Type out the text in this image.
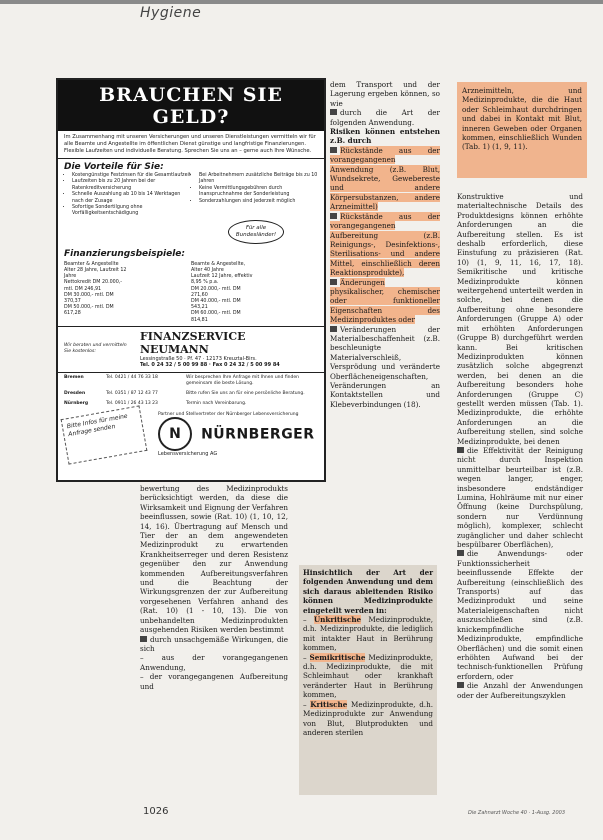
Hygiene
BRAUCHEN SIE GELD?
Im Zusammenhang mit unseren Versicherungen und unseren Dienstleistungen vermitteln wir für alle Beamte und Angestellte im öffentlichen Dienst günstige und langfristige Finanzierungen. Flexible Laufzeiten und individuelle Beratung. Sprechen Sie uns an – gerne auch Ihre Wünsche.
Die Vorteile für Sie:
• Kostengünstige Festzinsen für die Gesamtlaufzeit
• Laufzeiten bis zu 20 Jahren bei der Ratenkreditversicherung
• Schnelle Auszahlung ab 10 bis 14 Werktagen nach der Zusage
• Sofortige Sondertilgung ohne Vorfälligkeitsentschädigung
• Bei Arbeitnehmern zusätzliche Beiträge bis zu 10 Jahren
• Keine Vermittlungsgebühren durch Inanspruchnahme der Sonderleistung
• Sonderzahlungen sind jederzeit möglich
Für alle Bundesländer!
Finanzierungsbeispiele:
Beamter & Angestellte
Alter 28 Jahre, Laufzeit 12 Jahre
Nettokredit DM 20.000,- mtl. DM 246,91
DM 30.000,- mtl. DM 370,37
DM 50.000,- mtl. DM 617,28
Beamte & Angestellte, Alter 40 Jahre
Laufzeit 12 Jahre, effektiv 8,95 % p.a.
DM 20.000,- mtl. DM 271,60
DM 40.000,- mtl. DM 543,21
DM 60.000,- mtl. DM 814,81
Wir beraten und vermitteln Sie kostenlos:
FINANZSERVICE NEUMANN
Lessingstraße 50 · Pf. 47 · 12173 Kreuztal-Birs.
Tel. 0 24 32 / 5 00 99 88 · Fax 0 24 32 / 5 00 99 84
Bremen	Tel. 0421 / 44 76 33 18	Wir besprechen Ihre Anfrage mit Ihnen und finden gemeinsam die beste Lösung.
Dresden	Tel. 0351 / 87 12 43 77	Bitte rufen Sie uns an für eine persönliche Beratung.
Nürnberg	Tel. 0911 / 26 43 13 23	Termin nach Vereinbarung.
Bitte Infos für meine Anfrage senden
Partner und Stellvertreter der Nürnberger Lebensversicherung
N NÜRNBERGER
Lebensversicherung AG

dem Transport und der Lagerung ergeben können, so wie

durch die Art der folgenden Anwendung.

Risiken können entstehen z.B. durch

Rückstände aus der vorangegangenen Anwendung (z.B. Blut, Wundsekrete, Gewebereste und andere Körpersubstanzen, andere Arzneimittel)

Rückstände aus der vorangegangenen Aufbereitung (z.B. Reinigungs-, Desinfektions-, Sterilisations- und andere Mittel, einschließlich deren Reaktionsprodukte),

Änderungen physikalischer, chemischer oder funktioneller Eigenschaften des Medizinproduktes oder

Veränderungen der Materialbeschaffenheit (z.B. beschleunigte Materialverschleiß, Versprödung und veränderte Oberflächeneigenschaften, Veränderungen an Kontaktstellen und Klebeverbindungen (18).

bewertung des Medizinprodukts berücksichtigt werden, da diese die Wirksamkeit und Eignung der Verfahren beeinflussen, sowie (Rat. 10) (1, 10, 12, 14, 16). Übertragung auf Mensch und Tier der an dem angewendeten Medizinprodukt zu erwartenden Krankheitserreger und deren Resistenz gegenüber den zur Anwendung kommenden Aufbereitungsverfahren und die Beachtung der Wirkungsgrenzen der zur Aufbereitung vorgesehenen Verfahren anhand des (Rat. 10) (1 - 10, 13). Die von unbehandelten Medizinprodukten ausgehenden Risiken werden bestimmt

durch unsachgemäße Wirkungen, die sich

– aus der vorangegangenen Anwendung,

– der vorangegangenen Aufbereitung und

Hinsichtlich der Art der folgenden Anwendung und dem sich daraus ableitenden Risiko können Medizinprodukte eingeteilt werden in:

– Unkritische Medizinprodukte, d.h. Medizinprodukte, die lediglich mit intakter Haut in Berührung kommen,

– Semikritische Medizinprodukte, d.h. Medizinprodukte, die mit Schleimhaut oder krankhaft veränderter Haut in Berührung kommen,

– Kritische Medizinprodukte, d.h. Medizinprodukte zur Anwendung von Blut, Blutprodukten und anderen sterilen

Arzneimitteln, und Medizinprodukte, die die Haut oder Schleimhaut durchdringen und dabei in Kontakt mit Blut, inneren Geweben oder Organen kommen, einschließlich Wunden (Tab. 1) (1, 9, 11).

Konstruktive und materialtechnische Details des Produktdesigns können erhöhte Anforderungen an die Aufbereitung stellen. Es ist deshalb erforderlich, diese Einstufung zu präzisieren (Rat. 10) (1, 9, 11, 16, 17, 18). Semikritische und kritische Medizinprodukte können weitergehend unterteilt werden in solche, bei denen die Aufbereitung ohne besondere Anforderungen (Gruppe A) oder mit erhöhten Anforderungen (Gruppe B) durchgeführt werden kann. Bei kritischen Medizinprodukten können zusätzlich solche abgegrenzt werden, bei denen an die Aufbereitung besonders hohe Anforderungen (Gruppe C) gestellt werden müssen (Tab. 1). Medizinprodukte, die erhöhte Anforderungen an die Aufbereitung stellen, sind solche Medizinprodukte, bei denen

die Effektivität der Reinigung nicht durch Inspektion unmittelbar beurteilbar ist (z.B. wegen langer, enger, insbesondere endständiger Lumina, Hohlräume mit nur einer Öffnung (keine Durchspülung, sondern nur Verdünnung möglich), komplexer, schlecht zugänglicher und daher schlecht bespülbarer Oberflächen),

die Anwendungs- oder Funktionssicherheit beeinflussende Effekte der Aufbereitung (einschließlich des Transports) auf das Medizinprodukt und seine Materialeigenschaften nicht auszuschließen sind (z.B. knickempfindliche Medizinprodukte, empfindliche Oberflächen) und die somit einen erhöhten Aufwand bei der technisch-funktionellen Prüfung erfordern, oder

die Anzahl der Anwendungen oder der Aufbereitungszyklen

1026	Die Zahnarzt Woche 40 · 1-Ausg. 2003
